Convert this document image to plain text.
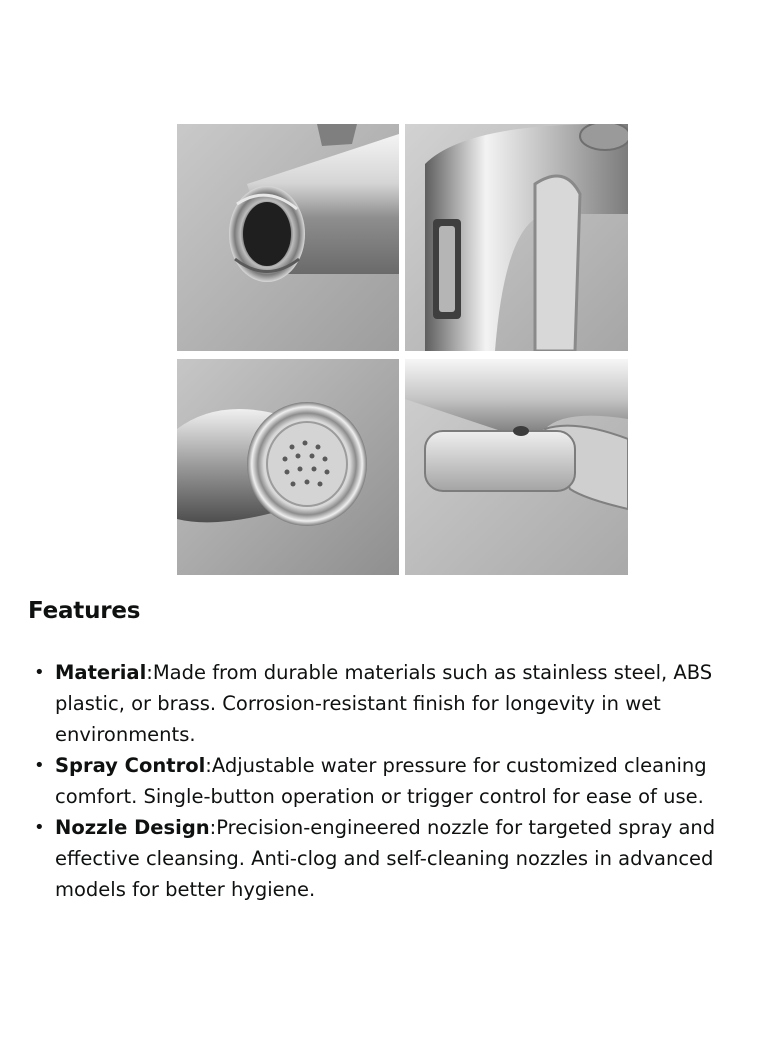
Features
• Material:Made from durable materials such as stainless steel, ABS plastic, or brass. Corrosion-resistant finish for longevity in wet environments.
• Spray Control:Adjustable water pressure for customized cleaning comfort. Single-button operation or trigger control for ease of use.
• Nozzle Design:Precision-engineered nozzle for targeted spray and effective cleansing. Anti-clog and self-cleaning nozzles in advanced models for better hygiene.
